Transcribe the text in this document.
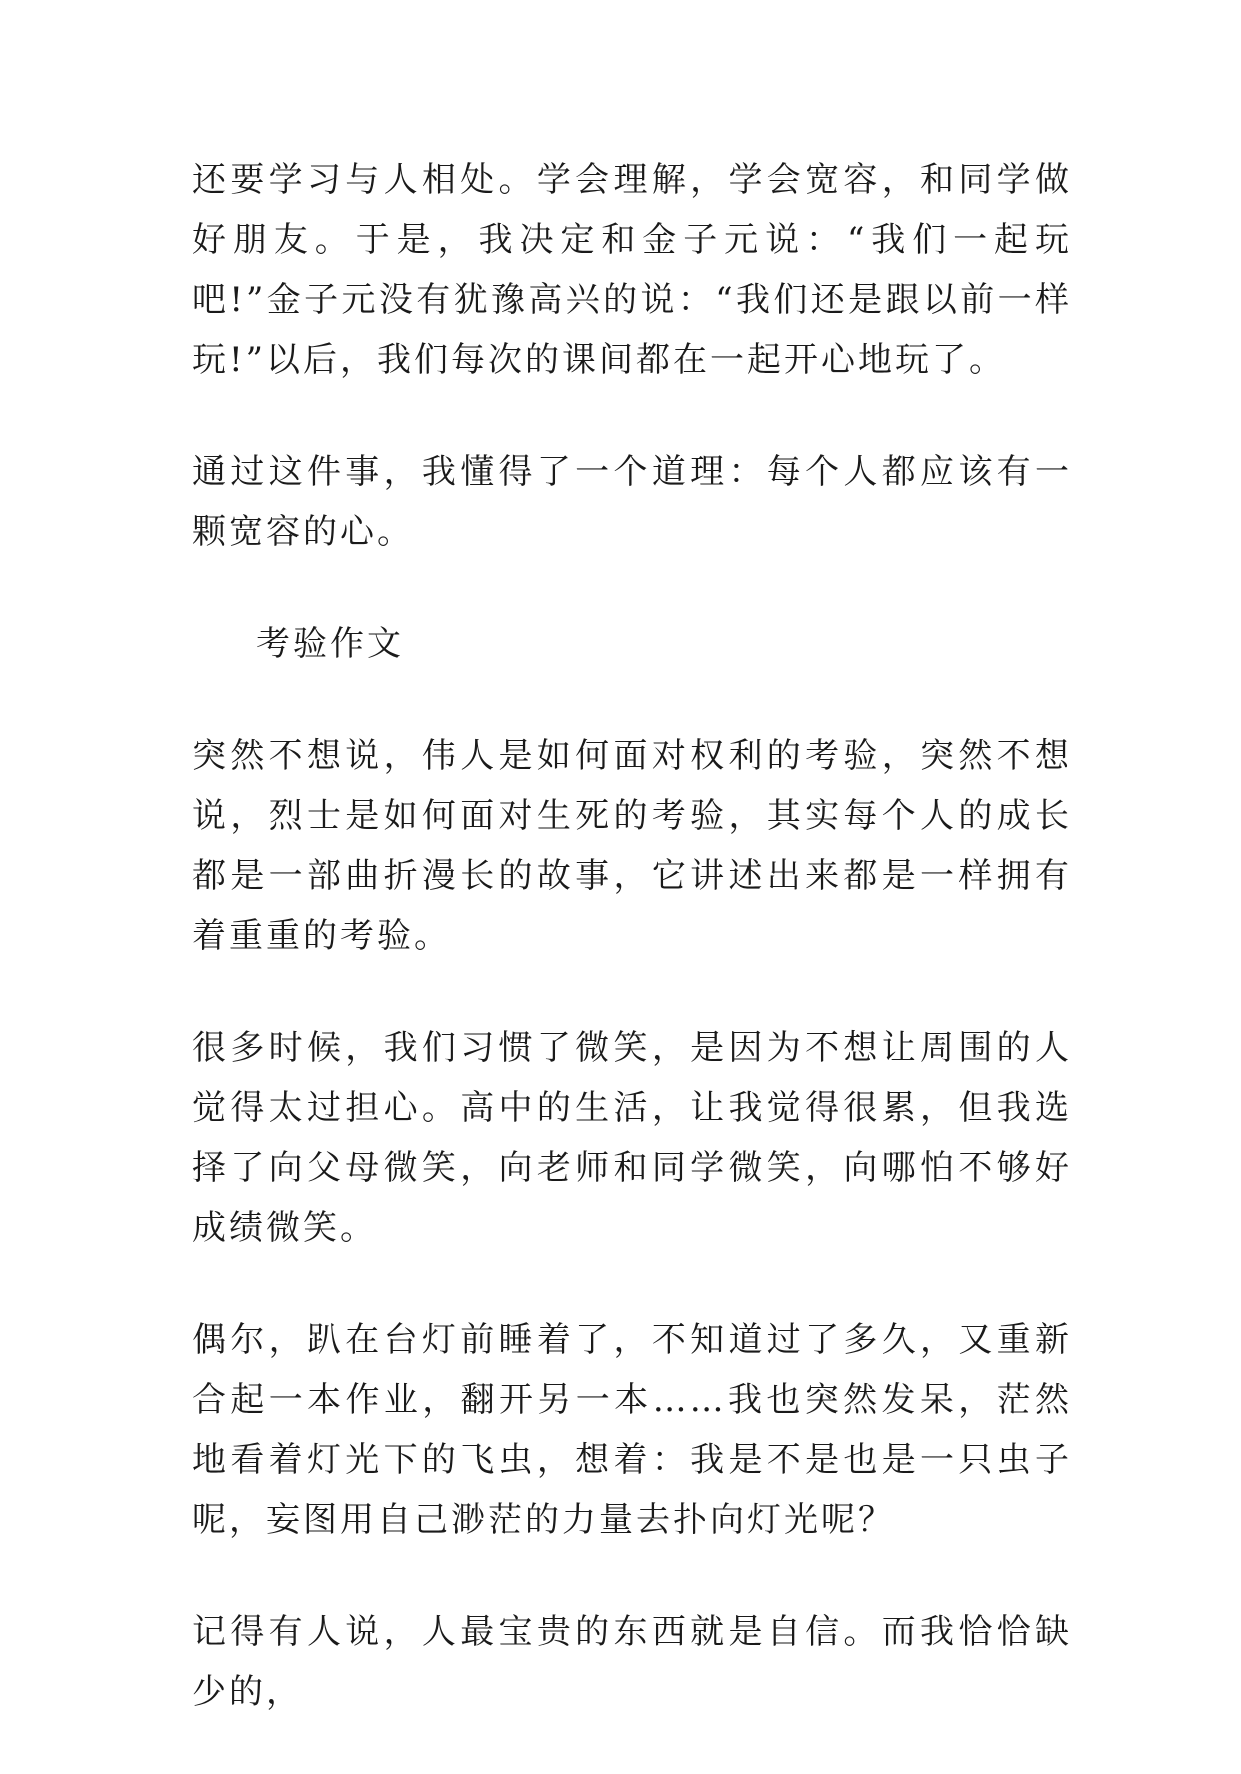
还要学习与人相处。学会理解，学会宽容，和同学做好朋友。于是，我决定和金子元说：“我们一起玩吧!”金子元没有犹豫高兴的说：“我们还是跟以前一样玩!”以后，我们每次的课间都在一起开心地玩了。

通过这件事，我懂得了一个道理：每个人都应该有一颗宽容的心。

考验作文

突然不想说，伟人是如何面对权利的考验，突然不想说，烈士是如何面对生死的考验，其实每个人的成长都是一部曲折漫长的故事，它讲述出来都是一样拥有着重重的考验。

很多时候，我们习惯了微笑，是因为不想让周围的人觉得太过担心。高中的生活，让我觉得很累，但我选择了向父母微笑，向老师和同学微笑，向哪怕不够好成绩微笑。

偶尔，趴在台灯前睡着了，不知道过了多久，又重新合起一本作业，翻开另一本……我也突然发呆，茫然地看着灯光下的飞虫，想着：我是不是也是一只虫子呢，妄图用自己渺茫的力量去扑向灯光呢？

记得有人说，人最宝贵的东西就是自信。而我恰恰缺少的，
